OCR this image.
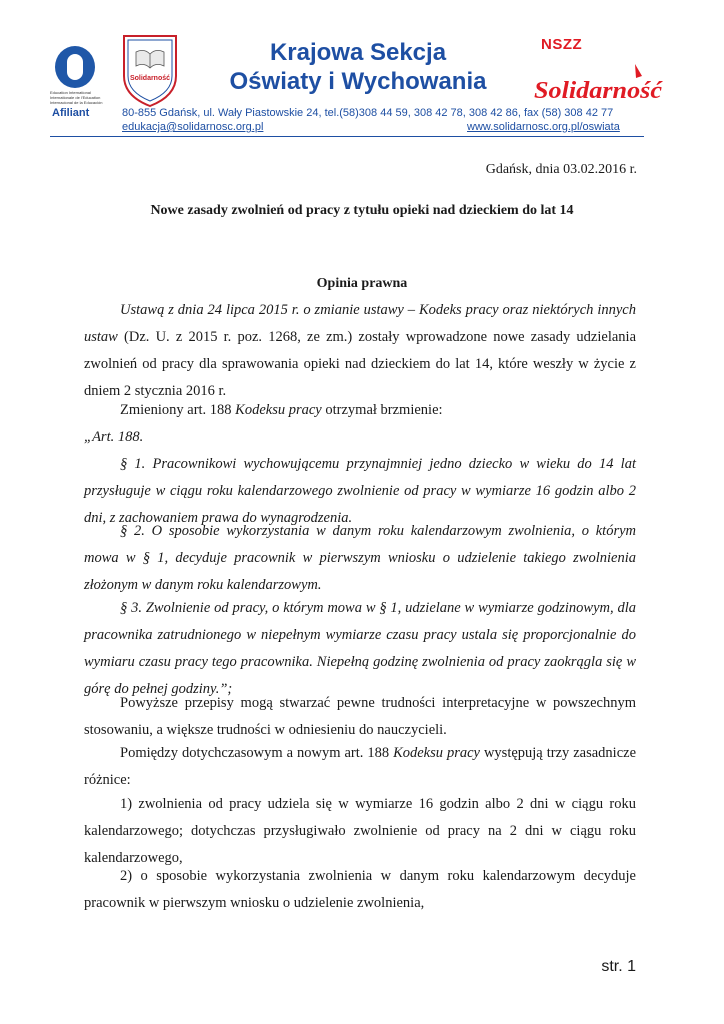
Education International Internationale de l'Education Internacional de la Educación
Solidarność
Krajowa Sekcja
Oświaty i Wychowania
NSZZ
Solidarność
Afiliant	80-855 Gdańsk, ul. Wały Piastowskie 24, tel.(58)308 44 59, 308 42 78, 308 42 86, fax (58) 308 42 77
edukacja@solidarnosc.org.pl	www.solidarnosc.org.pl/oswiata
Gdańsk, dnia 03.02.2016 r.
Nowe zasady zwolnień od pracy z tytułu opieki nad dzieckiem do lat 14
Opinia prawna
Ustawą z dnia 24 lipca 2015 r. o zmianie ustawy – Kodeks pracy oraz niektórych innych ustaw (Dz. U. z 2015 r. poz. 1268, ze zm.) zostały wprowadzone nowe zasady udzielania zwolnień od pracy dla sprawowania opieki nad dzieckiem do lat 14, które weszły w życie z dniem 2 stycznia 2016 r.
Zmieniony art. 188 Kodeksu pracy otrzymał brzmienie:
„Art. 188.
§ 1. Pracownikowi wychowującemu przynajmniej jedno dziecko w wieku do 14 lat przysługuje w ciągu roku kalendarzowego zwolnienie od pracy w wymiarze 16 godzin albo 2 dni, z zachowaniem prawa do wynagrodzenia.
§ 2. O sposobie wykorzystania w danym roku kalendarzowym zwolnienia, o którym mowa w § 1, decyduje pracownik w pierwszym wniosku o udzielenie takiego zwolnienia złożonym w danym roku kalendarzowym.
§ 3. Zwolnienie od pracy, o którym mowa w § 1, udzielane w wymiarze godzinowym, dla pracownika zatrudnionego w niepełnym wymiarze czasu pracy ustala się proporcjonalnie do wymiaru czasu pracy tego pracownika. Niepełną godzinę zwolnienia od pracy zaokrągla się w górę do pełnej godziny.”;
Powyższe przepisy mogą stwarzać pewne trudności interpretacyjne w powszechnym stosowaniu, a większe trudności w odniesieniu do nauczycieli.
Pomiędzy dotychczasowym a nowym art. 188 Kodeksu pracy występują trzy zasadnicze różnice:
1) zwolnienia od pracy udziela się w wymiarze 16 godzin albo 2 dni w ciągu roku kalendarzowego; dotychczas przysługiwało zwolnienie od pracy na 2 dni w ciągu roku kalendarzowego,
2) o sposobie wykorzystania zwolnienia w danym roku kalendarzowym decyduje pracownik w pierwszym wniosku o udzielenie zwolnienia,
str. 1
